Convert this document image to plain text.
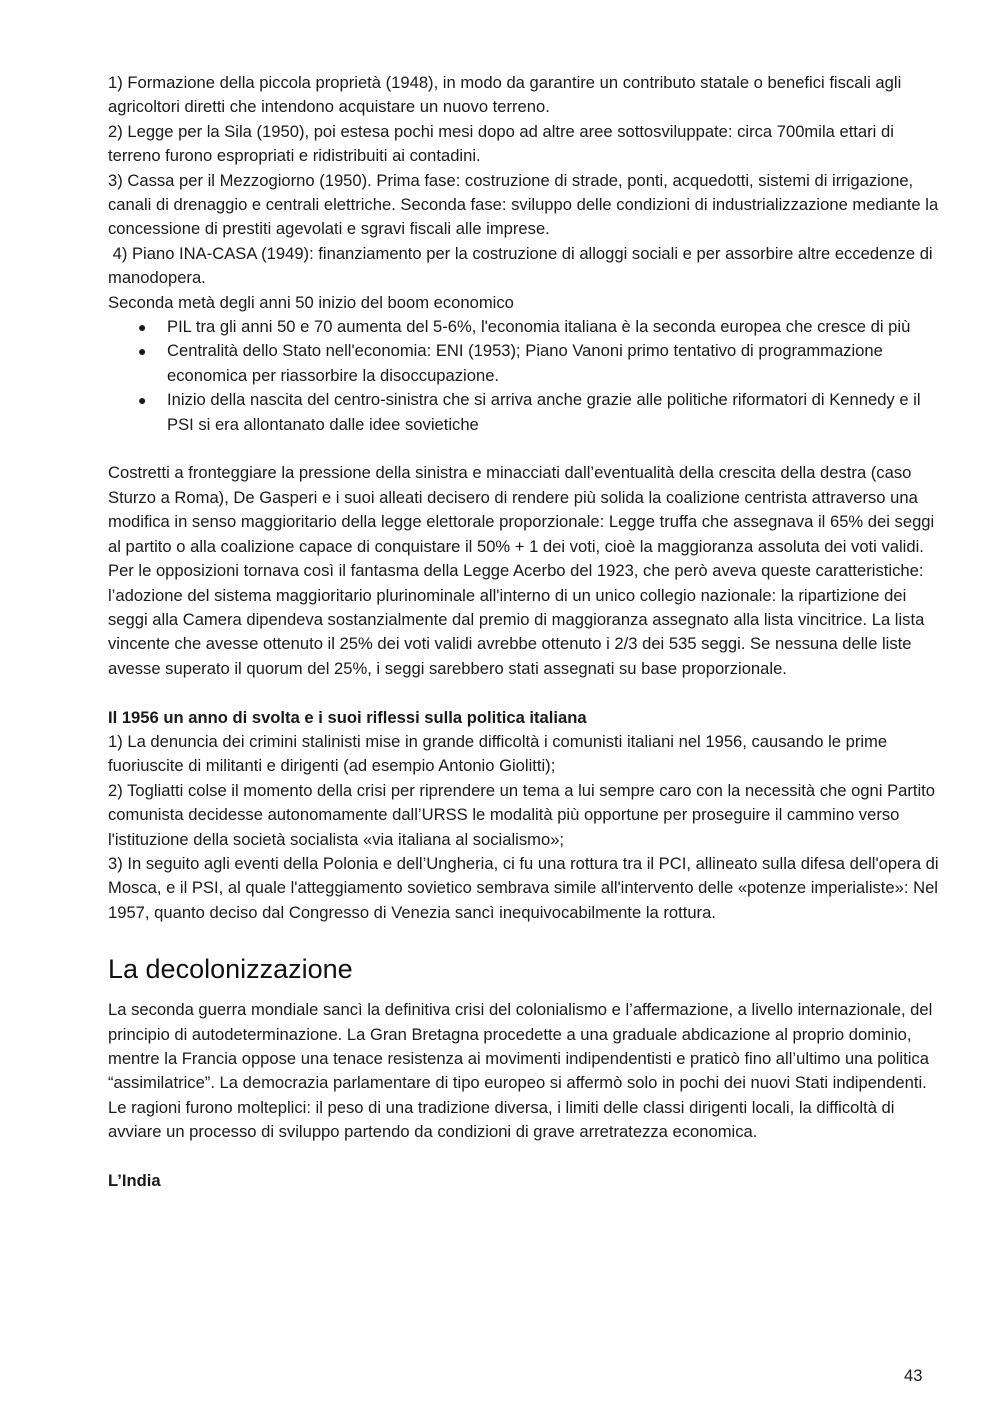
1) Formazione della piccola proprietà (1948), in modo da garantire un contributo statale o benefici fiscali agli agricoltori diretti che intendono acquistare un nuovo terreno.

2) Legge per la Sila (1950), poi estesa pochi mesi dopo ad altre aree sottosviluppate: circa 700mila ettari di terreno furono espropriati e ridistribuiti ai contadini.

3) Cassa per il Mezzogiorno (1950). Prima fase: costruzione di strade, ponti, acquedotti, sistemi di irrigazione, canali di drenaggio e centrali elettriche. Seconda fase: sviluppo delle condizioni di industrializzazione mediante la concessione di prestiti agevolati e sgravi fiscali alle imprese.

4) Piano INA-CASA (1949): finanziamento per la costruzione di alloggi sociali e per assorbire altre eccedenze di manodopera.

Seconda metà degli anni 50 inizio del boom economico

● PIL tra gli anni 50 e 70 aumenta del 5-6%, l'economia italiana è la seconda europea che cresce di più
● Centralità dello Stato nell'economia: ENI (1953); Piano Vanoni primo tentativo di programmazione economica per riassorbire la disoccupazione.
● Inizio della nascita del centro-sinistra che si arriva anche grazie alle politiche riformatori di Kennedy e il PSI si era allontanato dalle idee sovietiche

Costretti a fronteggiare la pressione della sinistra e minacciati dall’eventualità della crescita della destra (caso Sturzo a Roma), De Gasperi e i suoi alleati decisero di rendere più solida la coalizione centrista attraverso una modifica in senso maggioritario della legge elettorale proporzionale: Legge truffa che assegnava il 65% dei seggi al partito o alla coalizione capace di conquistare il 50% + 1 dei voti, cioè la maggioranza assoluta dei voti validi. Per le opposizioni tornava così il fantasma della Legge Acerbo del 1923, che però aveva queste caratteristiche: l’adozione del sistema maggioritario plurinominale all'interno di un unico collegio nazionale: la ripartizione dei seggi alla Camera dipendeva sostanzialmente dal premio di maggioranza assegnato alla lista vincitrice. La lista vincente che avesse ottenuto il 25% dei voti validi avrebbe ottenuto i 2/3 dei 535 seggi. Se nessuna delle liste avesse superato il quorum del 25%, i seggi sarebbero stati assegnati su base proporzionale.

Il 1956 un anno di svolta e i suoi riflessi sulla politica italiana

1) La denuncia dei crimini stalinisti mise in grande difficoltà i comunisti italiani nel 1956, causando le prime fuoriuscite di militanti e dirigenti (ad esempio Antonio Giolitti);

2) Togliatti colse il momento della crisi per riprendere un tema a lui sempre caro con la necessità che ogni Partito comunista decidesse autonomamente dall’URSS le modalità più opportune per proseguire il cammino verso l'istituzione della società socialista «via italiana al socialismo»;

3) In seguito agli eventi della Polonia e dell’Ungheria, ci fu una rottura tra il PCI, allineato sulla difesa dell'opera di Mosca, e il PSI, al quale l'atteggiamento sovietico sembrava simile all'intervento delle «potenze imperialiste»: Nel 1957, quanto deciso dal Congresso di Venezia sancì inequivocabilmente la rottura.

La decolonizzazione

La seconda guerra mondiale sancì la definitiva crisi del colonialismo e l’affermazione, a livello internazionale, del principio di autodeterminazione. La Gran Bretagna procedette a una graduale abdicazione al proprio dominio, mentre la Francia oppose una tenace resistenza ai movimenti indipendentisti e praticò fino all’ultimo una politica “assimilatrice”. La democrazia parlamentare di tipo europeo si affermò solo in pochi dei nuovi Stati indipendenti. Le ragioni furono molteplici: il peso di una tradizione diversa, i limiti delle classi dirigenti locali, la difficoltà di avviare un processo di sviluppo partendo da condizioni di grave arretratezza economica.

L’India

43
